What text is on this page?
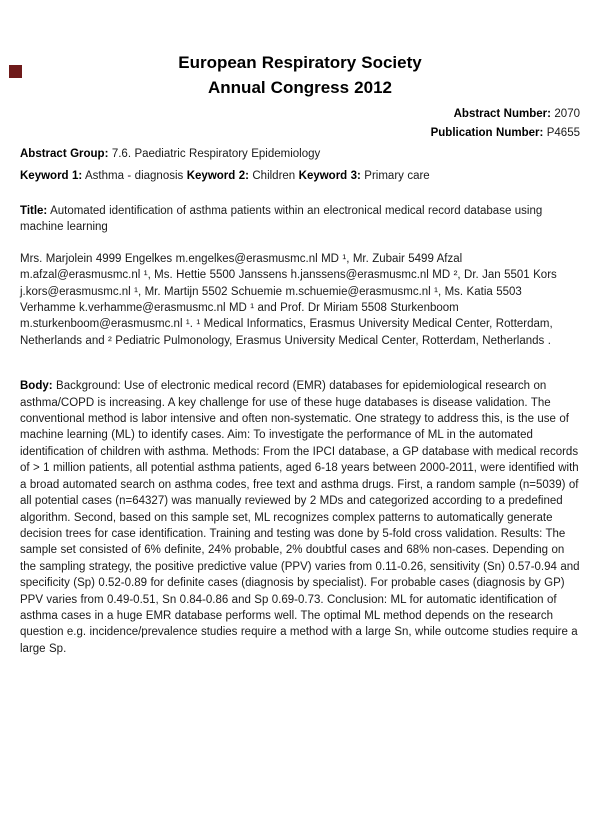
European Respiratory Society
Annual Congress 2012
Abstract Number: 2070
Publication Number: P4655
Abstract Group: 7.6. Paediatric Respiratory Epidemiology
Keyword 1: Asthma - diagnosis Keyword 2: Children Keyword 3: Primary care

Title: Automated identification of asthma patients within an electronical medical record database using machine learning

Mrs. Marjolein 4999 Engelkes m.engelkes@erasmusmc.nl MD ¹, Mr. Zubair 5499 Afzal m.afzal@erasmusmc.nl ¹, Ms. Hettie 5500 Janssens h.janssens@erasmusmc.nl MD ², Dr. Jan 5501 Kors j.kors@erasmusmc.nl ¹, Mr. Martijn 5502 Schuemie m.schuemie@erasmusmc.nl ¹, Ms. Katia 5503 Verhamme k.verhamme@erasmusmc.nl MD ¹ and Prof. Dr Miriam 5508 Sturkenboom m.sturkenboom@erasmusmc.nl ¹. ¹ Medical Informatics, Erasmus University Medical Center, Rotterdam, Netherlands and ² Pediatric Pulmonology, Erasmus University Medical Center, Rotterdam, Netherlands .

Body: Background: Use of electronic medical record (EMR) databases for epidemiological research on asthma/COPD is increasing. A key challenge for use of these huge databases is disease validation. The conventional method is labor intensive and often non-systematic. One strategy to address this, is the use of machine learning (ML) to identify cases. Aim: To investigate the performance of ML in the automated identification of children with asthma. Methods: From the IPCI database, a GP database with medical records of > 1 million patients, all potential asthma patients, aged 6-18 years between 2000-2011, were identified with a broad automated search on asthma codes, free text and asthma drugs. First, a random sample (n=5039) of all potential cases (n=64327) was manually reviewed by 2 MDs and categorized according to a predefined algorithm. Second, based on this sample set, ML recognizes complex patterns to automatically generate decision trees for case identification. Training and testing was done by 5-fold cross validation. Results: The sample set consisted of 6% definite, 24% probable, 2% doubtful cases and 68% non-cases. Depending on the sampling strategy, the positive predictive value (PPV) varies from 0.11-0.26, sensitivity (Sn) 0.57-0.94 and specificity (Sp) 0.52-0.89 for definite cases (diagnosis by specialist). For probable cases (diagnosis by GP) PPV varies from 0.49-0.51, Sn 0.84-0.86 and Sp 0.69-0.73. Conclusion: ML for automatic identification of asthma cases in a huge EMR database performs well. The optimal ML method depends on the research question e.g. incidence/prevalence studies require a method with a large Sn, while outcome studies require a large Sp.
